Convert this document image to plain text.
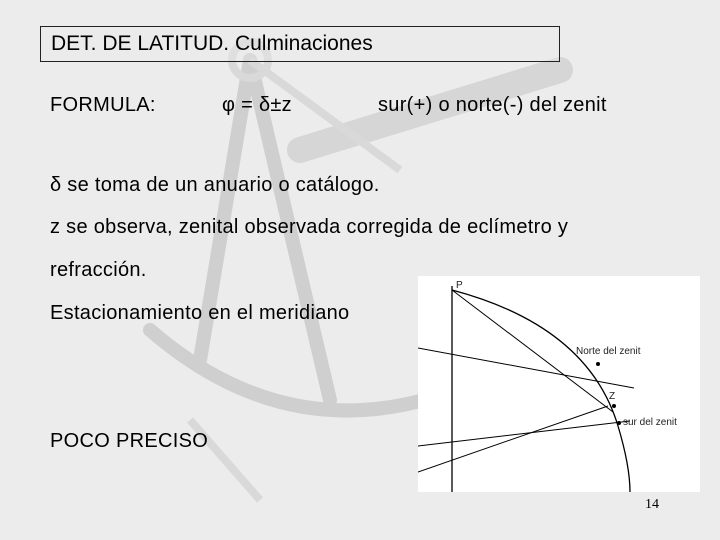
DET. DE LATITUD. Culminaciones
FORMULA:	φ = δ±z	sur(+) o norte(-) del zenit
δ se toma de un anuario o catálogo.
z se observa, zenital observada corregida de eclímetro y
refracción.
Estacionamiento en el meridiano
POCO PRECISO
P
Norte del zenit
Z
sur del zenit
14
